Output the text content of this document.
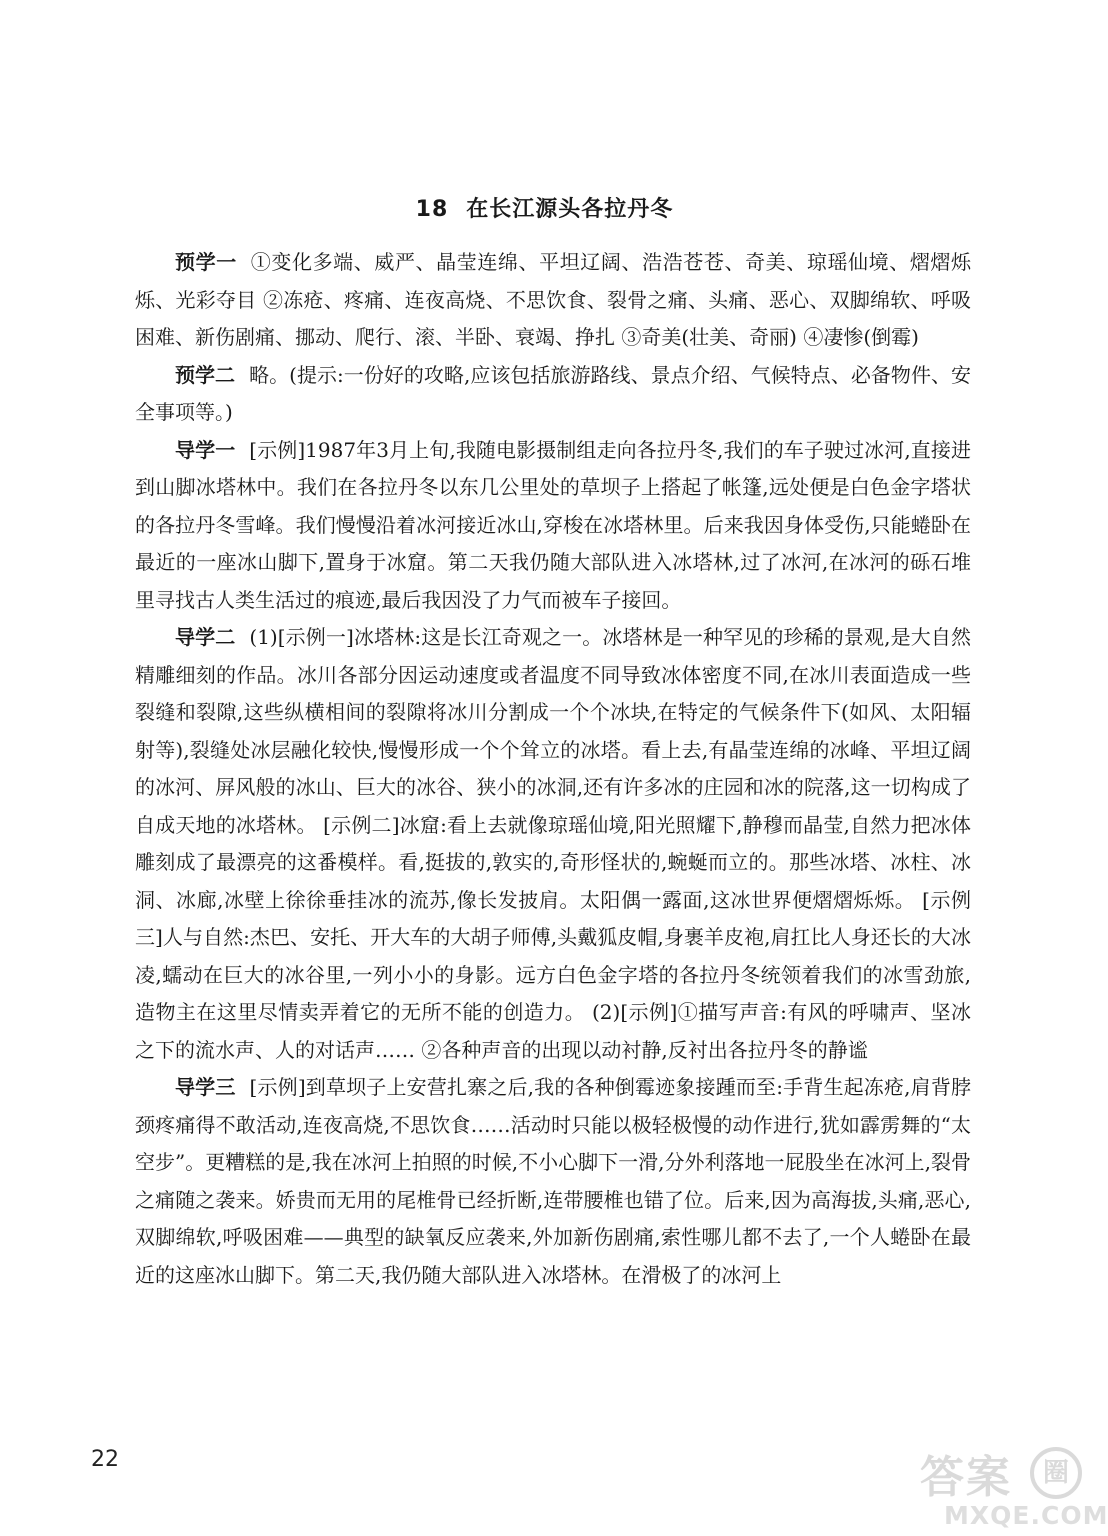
18 在长江源头各拉丹冬

预学一 ①变化多端、威严、晶莹连绵、平坦辽阔、浩浩苍苍、奇美、琼瑶仙境、熠熠烁烁、光彩夺目 ②冻疮、疼痛、连夜高烧、不思饮食、裂骨之痛、头痛、恶心、双脚绵软、呼吸困难、新伤剧痛、挪动、爬行、滚、半卧、衰竭、挣扎 ③奇美(壮美、奇丽) ④凄惨(倒霉)

预学二 略。(提示:一份好的攻略,应该包括旅游路线、景点介绍、气候特点、必备物件、安全事项等。)

导学一 [示例]1987年3月上旬,我随电影摄制组走向各拉丹冬,我们的车子驶过冰河,直接进到山脚冰塔林中。我们在各拉丹冬以东几公里处的草坝子上搭起了帐篷,远处便是白色金字塔状的各拉丹冬雪峰。我们慢慢沿着冰河接近冰山,穿梭在冰塔林里。后来我因身体受伤,只能蜷卧在最近的一座冰山脚下,置身于冰窟。第二天我仍随大部队进入冰塔林,过了冰河,在冰河的砾石堆里寻找古人类生活过的痕迹,最后我因没了力气而被车子接回。

导学二 (1)[示例一]冰塔林:这是长江奇观之一。冰塔林是一种罕见的珍稀的景观,是大自然精雕细刻的作品。冰川各部分因运动速度或者温度不同导致冰体密度不同,在冰川表面造成一些裂缝和裂隙,这些纵横相间的裂隙将冰川分割成一个个冰块,在特定的气候条件下(如风、太阳辐射等),裂缝处冰层融化较快,慢慢形成一个个耸立的冰塔。看上去,有晶莹连绵的冰峰、平坦辽阔的冰河、屏风般的冰山、巨大的冰谷、狭小的冰洞,还有许多冰的庄园和冰的院落,这一切构成了自成天地的冰塔林。 [示例二]冰窟:看上去就像琼瑶仙境,阳光照耀下,静穆而晶莹,自然力把冰体雕刻成了最漂亮的这番模样。看,挺拔的,敦实的,奇形怪状的,蜿蜒而立的。那些冰塔、冰柱、冰洞、冰廊,冰壁上徐徐垂挂冰的流苏,像长发披肩。太阳偶一露面,这冰世界便熠熠烁烁。 [示例三]人与自然:杰巴、安托、开大车的大胡子师傅,头戴狐皮帽,身裹羊皮袍,肩扛比人身还长的大冰凌,蠕动在巨大的冰谷里,一列小小的身影。远方白色金字塔的各拉丹冬统领着我们的冰雪劲旅,造物主在这里尽情卖弄着它的无所不能的创造力。 (2)[示例]①描写声音:有风的呼啸声、坚冰之下的流水声、人的对话声…… ②各种声音的出现以动衬静,反衬出各拉丹冬的静谧

导学三 [示例]到草坝子上安营扎寨之后,我的各种倒霉迹象接踵而至:手背生起冻疮,肩背脖颈疼痛得不敢活动,连夜高烧,不思饮食……活动时只能以极轻极慢的动作进行,犹如霹雳舞的“太空步”。更糟糕的是,我在冰河上拍照的时候,不小心脚下一滑,分外利落地一屁股坐在冰河上,裂骨之痛随之袭来。娇贵而无用的尾椎骨已经折断,连带腰椎也错了位。后来,因为高海拔,头痛,恶心,双脚绵软,呼吸困难——典型的缺氧反应袭来,外加新伤剧痛,索性哪儿都不去了,一个人蜷卧在最近的这座冰山脚下。第二天,我仍随大部队进入冰塔林。在滑极了的冰河上

22	答案	圈
MXQE.COM
